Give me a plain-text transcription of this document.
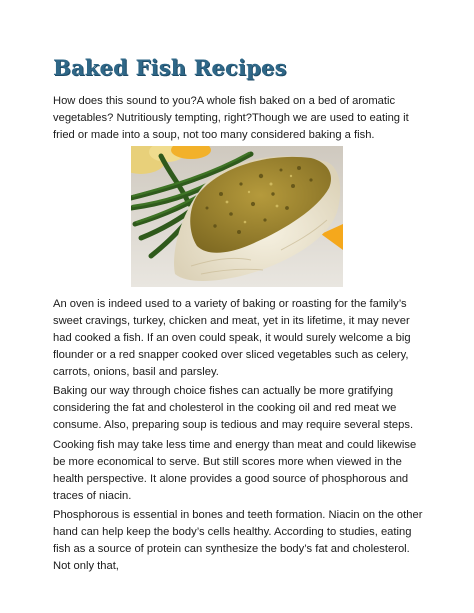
Baked Fish Recipes

How does this sound to you?A whole fish baked on a bed of aromatic vegetables? Nutritiously tempting, right?Though we are used to eating it fried or made into a soup, not too many considered baking a fish.

An oven is indeed used to a variety of baking or roasting for the family’s sweet cravings, turkey, chicken and meat, yet in its lifetime, it may never had cooked a fish. If an oven could speak, it would surely welcome a big flounder or a red snapper cooked over sliced vegetables such as celery, carrots, onions, basil and parsley.

Baking our way through choice fishes can actually be more gratifying considering the fat and cholesterol in the cooking oil and red meat we consume. Also, preparing soup is tedious and may require several steps.

Cooking fish may take less time and energy than meat and could likewise be more economical to serve. But still scores more when viewed in the health perspective. It alone provides a good source of phosphorous and traces of niacin.

Phosphorous is essential in bones and teeth formation. Niacin on the other hand can help keep the body’s cells healthy. According to studies, eating fish as a source of protein can synthesize the body’s fat and cholesterol. Not only that,
